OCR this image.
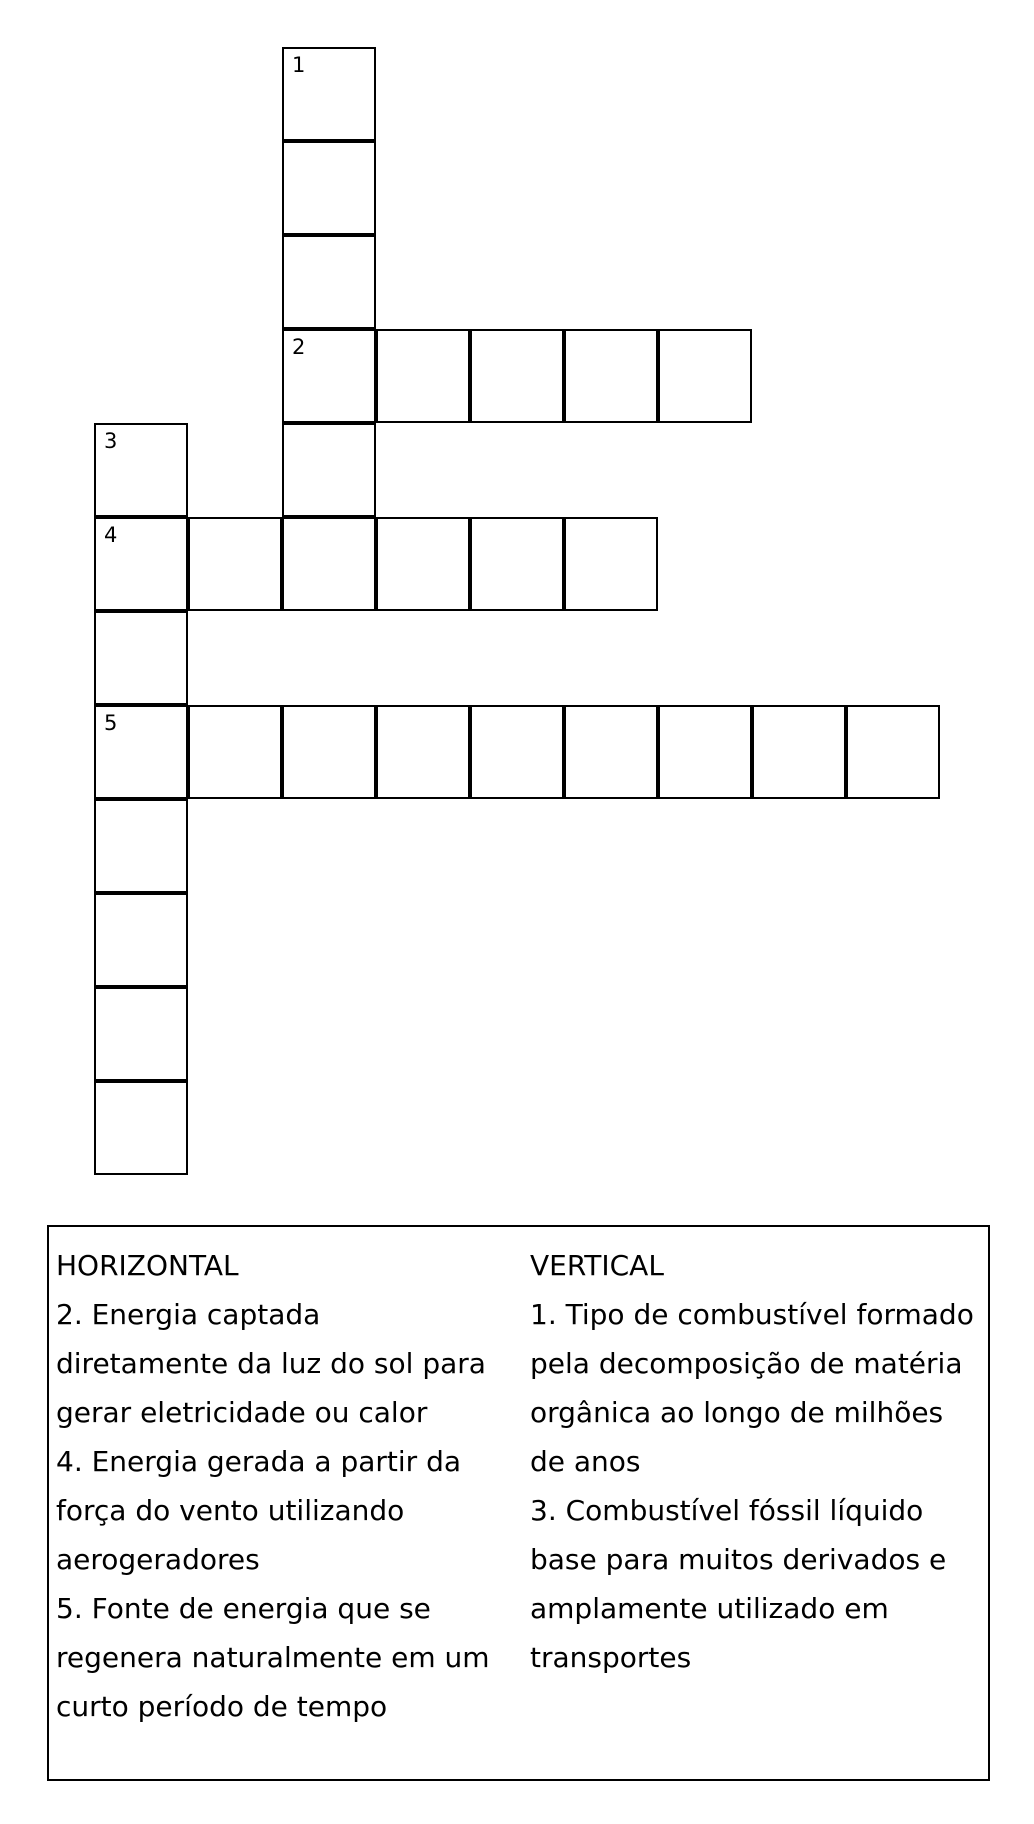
1
2
3
4
5
HORIZONTAL

2. Energia captada diretamente da luz do sol para gerar eletricidade ou calor

4. Energia gerada a partir da força do vento utilizando aerogeradores

5. Fonte de energia que se regenera naturalmente em um curto período de tempo

VERTICAL

1. Tipo de combustível formado pela decomposição de matéria orgânica ao longo de milhões de anos

3. Combustível fóssil líquido base para muitos derivados e amplamente utilizado em transportes
